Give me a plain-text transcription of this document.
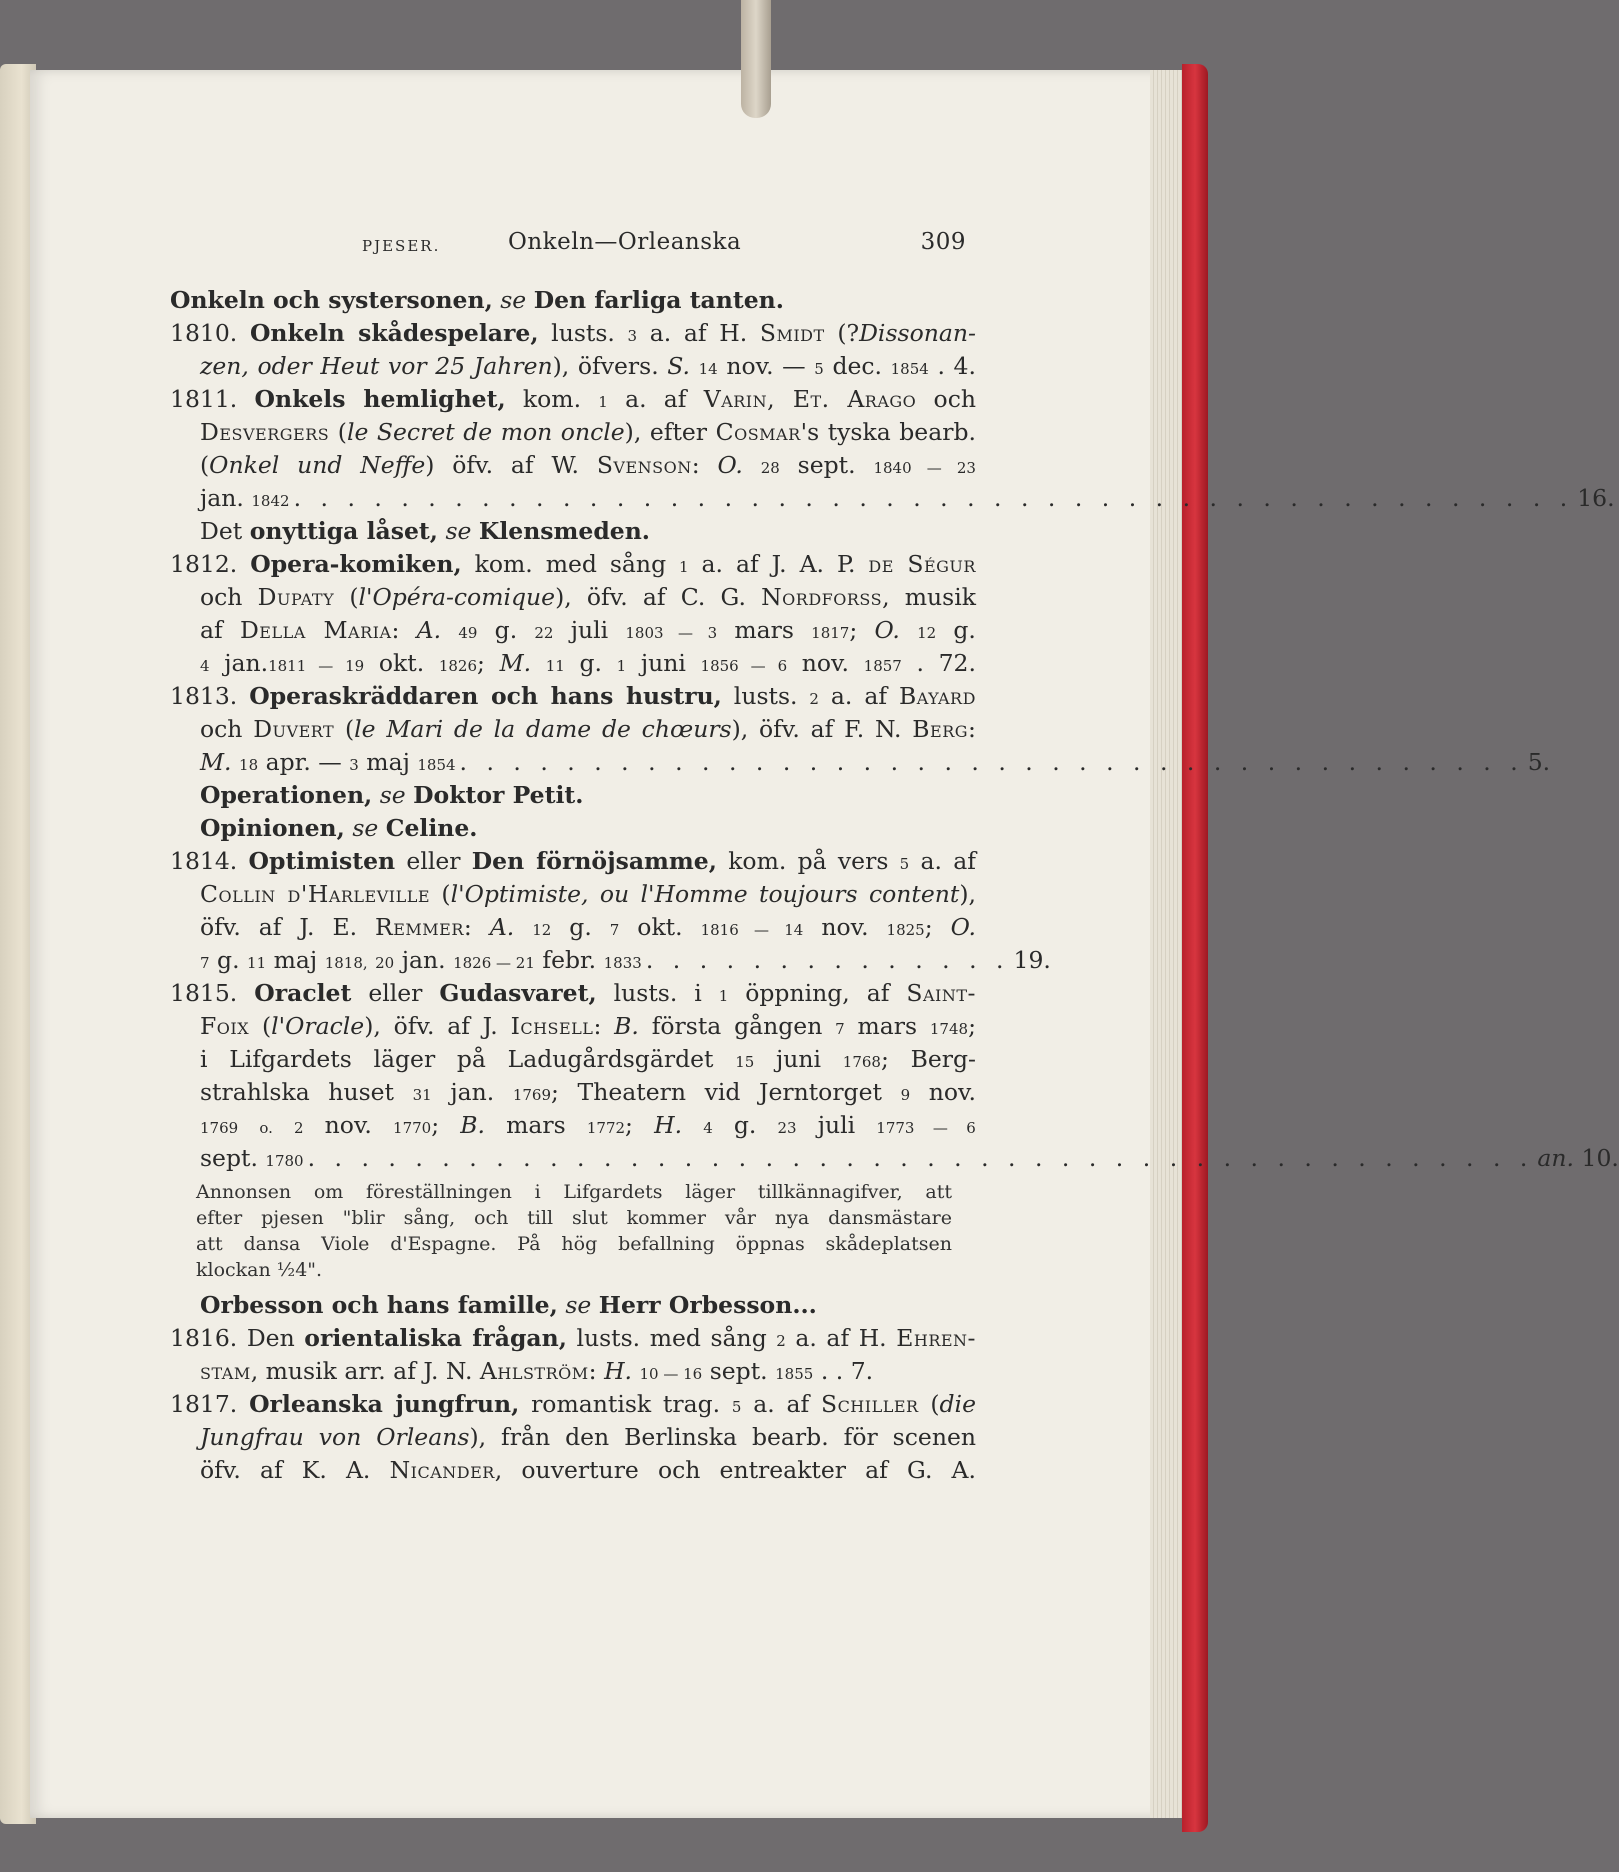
PJESER.	Onkeln—Orleanska	309
Onkeln och systersonen, se Den farliga tanten.
1810. Onkeln skådespelare, lusts. 3 a. af H. Smidt (?Dissonan-
zen, oder Heut vor 25 Jahren), öfvers. S. 14 nov. — 5 dec. 1854 . 4.
1811. Onkels hemlighet, kom. 1 a. af Varin, Et. Arago och
Desvergers (le Secret de mon oncle), efter Cosmar's tyska bearb.
(Onkel und Neffe) öfv. af W. Svenson: O. 28 sept. 1840 — 23
jan.
1842 . . . . . . . . . . . . . . . . . . . . . . . . . . . . . . . . . . . . . . . . . . . . . . . . 16.
Det onyttiga låset, se Klensmeden.
1812. Opera-komiken, kom. med sång 1 a. af J. A. P. de Ségur
och Dupaty (l'Opéra-comique), öfv. af C. G. Nordforss, musik
af Della Maria: A. 49 g. 22 juli 1803 — 3 mars 1817; O. 12 g.
4 jan.1811 — 19 okt. 1826; M. 11 g. 1 juni 1856 — 6 nov. 1857 . 72.
1813. Operaskräddaren och hans hustru, lusts. 2 a. af Bayard
och Duvert (le Mari de la dame de chœurs), öfv. af F. N. Berg:
M.
18
apr. —
3
maj
1854 . . . . . . . . . . . . . . . . . . . . . . . . . . . . . . . . . . . . . . . . 5.
Operationen, se Doktor Petit.
Opinionen, se Celine.
1814. Optimisten eller Den förnöjsamme, kom. på vers 5 a. af
Collin d'Harleville (l'Optimiste, ou l'Homme toujours content),
öfv. af J. E. Remmer: A. 12 g. 7 okt. 1816 — 14 nov. 1825; O.
7
g.
11
maj
1818,
20
jan.
1826 — 21
febr.
1833 . . . . . . . . . . . . . . 19.
1815. Oraclet eller Gudasvaret, lusts. i 1 öppning, af Saint-
Foix (l'Oracle), öfv. af J. Ichsell: B. första gången 7 mars 1748;
i Lifgardets läger på Ladugårdsgärdet 15 juni 1768; Berg-
strahlska huset 31 jan. 1769; Theatern vid Jerntorget 9 nov.
1769 o. 2 nov. 1770; B. mars 1772; H. 4 g. 23 juli 1773 — 6
sept.
1780 . . . . . . . . . . . . . . . . . . . . . . . . . . . . . . . . . . . . . . . . . . . . . . an.
10.
Annonsen om föreställningen i Lifgardets läger tillkännagifver, att
efter pjesen "blir sång, och till slut kommer vår nya dansmästare
att dansa Viole d'Espagne. På hög befallning öppnas skådeplatsen
klockan ½4".
Orbesson och hans famille, se Herr Orbesson...
1816. Den orientaliska frågan, lusts. med sång 2 a. af H. Ehren-
stam, musik arr. af J. N. Ahlström: H. 10 — 16 sept. 1855 . . 7.
1817. Orleanska jungfrun, romantisk trag. 5 a. af Schiller (die
Jungfrau von Orleans), från den Berlinska bearb. för scenen
öfv. af K. A. Nicander, ouverture och entreakter af G. A.
